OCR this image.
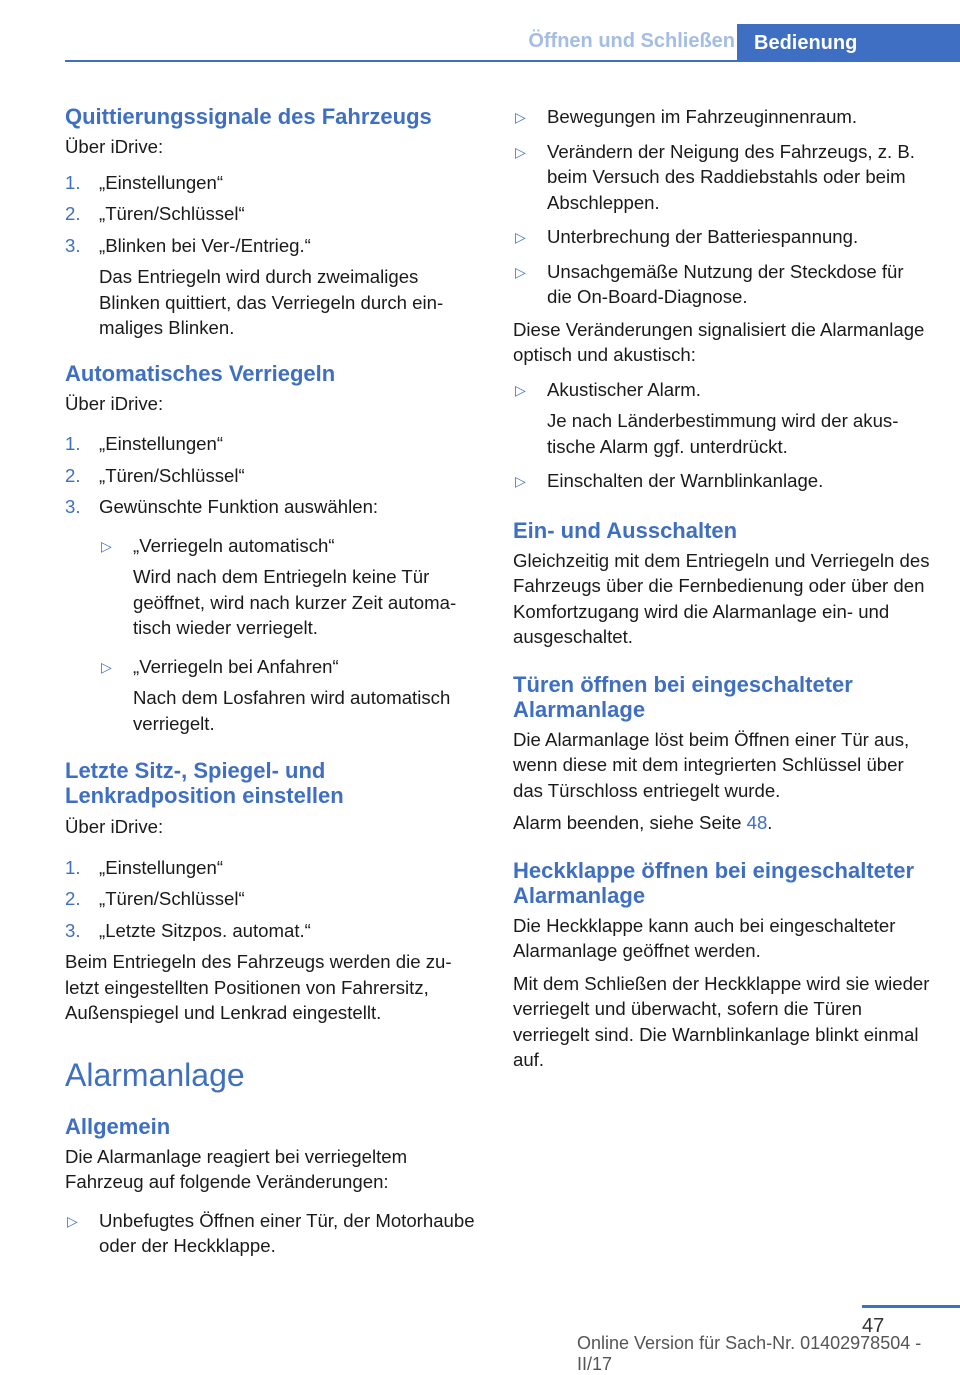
Öffnen und Schließen Bedienung
Quittierungssignale des Fahrzeugs

Über iDrive:

1. „Einstellungen“
2. „Türen/Schlüssel“
3. „Blinken bei Ver-/Entrieg.“

Das Entriegeln wird durch zweimaliges Blinken quittiert, das Verriegeln durch einmaliges Blinken.

Automatisches Verriegeln

Über iDrive:

1. „Einstellungen“
2. „Türen/Schlüssel“
3. Gewünschte Funktion auswählen:
▷ „Verriegeln automatisch“

Wird nach dem Entriegeln keine Tür geöffnet, wird nach kurzer Zeit automatisch wieder verriegelt.

▷ „Verriegeln bei Anfahren“

Nach dem Losfahren wird automatisch verriegelt.

Letzte Sitz-, Spiegel- und Lenkradposition einstellen

Über iDrive:

1. „Einstellungen“
2. „Türen/Schlüssel“
3. „Letzte Sitzpos. automat.“

Beim Entriegeln des Fahrzeugs werden die zuletzt eingestellten Positionen von Fahrersitz, Außenspiegel und Lenkrad eingestellt.

Alarmanlage
Allgemein

Die Alarmanlage reagiert bei verriegeltem Fahrzeug auf folgende Veränderungen:

▷ Unbefugtes Öffnen einer Tür, der Motorhaube oder der Heckklappe.
▷ Bewegungen im Fahrzeuginnenraum.
▷ Verändern der Neigung des Fahrzeugs, z. B. beim Versuch des Raddiebstahls oder beim Abschleppen.
▷ Unterbrechung der Batteriespannung.
▷ Unsachgemäße Nutzung der Steckdose für die On-Board-Diagnose.

Diese Veränderungen signalisiert die Alarmanlage optisch und akustisch:

▷ Akustischer Alarm.

Je nach Länderbestimmung wird der akustische Alarm ggf. unterdrückt.

▷ Einschalten der Warnblinkanlage.
Ein- und Ausschalten

Gleichzeitig mit dem Entriegeln und Verriegeln des Fahrzeugs über die Fernbedienung oder über den Komfortzugang wird die Alarmanlage ein- und ausgeschaltet.

Türen öffnen bei eingeschalteter Alarmanlage

Die Alarmanlage löst beim Öffnen einer Tür aus, wenn diese mit dem integrierten Schlüssel über das Türschloss entriegelt wurde.

Alarm beenden, siehe Seite 48.

Heckklappe öffnen bei eingeschalteter Alarmanlage

Die Heckklappe kann auch bei eingeschalteter Alarmanlage geöffnet werden.

Mit dem Schließen der Heckklappe wird sie wieder verriegelt und überwacht, sofern die Türen verriegelt sind. Die Warnblinkanlage blinkt einmal auf.

47
Online Version für Sach-Nr. 01402978504 - II/17
